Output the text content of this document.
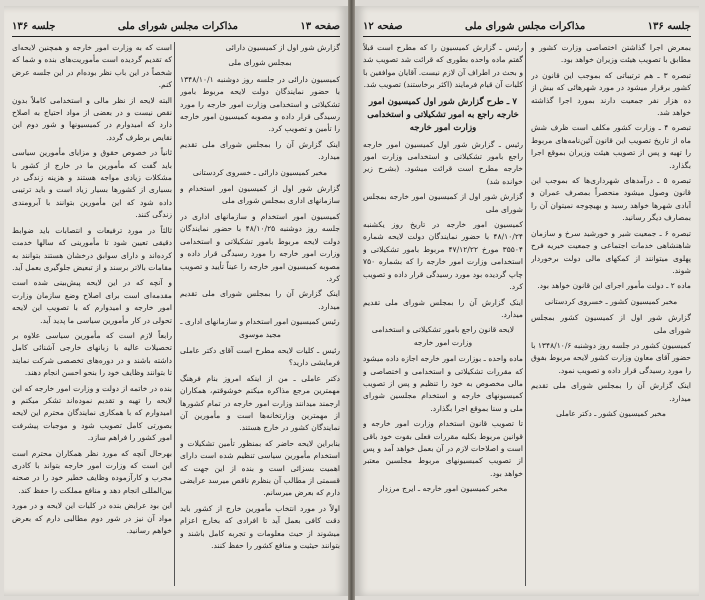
صفحه ۱۳
مذاکرات مجلس شورای ملی
جلسه ۱۳۶

گزارش شور اول از کمیسیون دارائی

بمجلس شورای ملی

کمیسیون دارائی در جلسه روز دوشنبه ۱۳۴۸/۱۰/۱ با حضور نمایندگان دولت لایحه مربوط بامور تشکیلاتی و استخدامی وزارت امور خارجه را مورد رسیدگی قرار داده و مصوبه کمیسیون امور خارجه را تأمین و تصویب کرد.

اینک گزارش آن را بمجلس شورای ملی تقدیم میدارد.

مخبر کمیسیون دارائی ـ خسروی کردستانی

گزارش شور اول از کمیسیون امور استخدام و سازمانهای اداری بمجلس شورای ملی

کمیسیون امور استخدام و سازمانهای اداری در جلسه روز دوشنبه ۴۸/۱۰/۲۵ با حضور نمایندگان دولت لایحه مربوط بامور تشکیلاتی و استخدامی وزارت امور خارجه را مورد رسیدگی قرار داده و مصوبه کمیسیون امور خارجه را عیناً تأیید و تصویب کرد.

اینک گزارش آن را بمجلس شورای ملی تقدیم میدارد.

رئیس کمیسیون امور استخدام و سازمانهای اداری ـ مجید موسوی

رئیس ـ کلیات لایحه مطرح است آقای دکتر عاملی فرمایشی دارید؟

دکتر عاملی ـ من از اینکه امروز بنام فرهنگ مهمترین مرجع مذاکره میکنم خوشوقتم، همکاران ارجمند میدانند وزارت امور خارجه در تمام کشورها از مهمترین وزارتخانه‌ها است و مأمورین آن نمایندگان کشور در خارج هستند.

بنابراین لایحه حاضر که بمنظور تأمین تشکیلات و استخدام مأمورین سیاسی تنظیم شده است دارای اهمیت بسزائی است و بنده از این جهت که قسمتی از مطالب آن بنظرم ناقص میرسد عرایضی دارم که بعرض میرسانم.

اولاً در مورد انتخاب مأمورین خارج از کشور باید دقت کافی بعمل آید تا افرادی که بخارج اعزام میشوند از حیث معلومات و تجربه کامل باشند و بتوانند حیثیت و منافع کشور را حفظ کنند.

است که به وزارت امور خارجه و همچنین لایحه‌ای که تقدیم گردیده است مأموریت‌های بنده و شما که شخصاً در این باب نظر بوده‌ام در این جلسه عرض کنم.

البته لایحه از نظر مالی و استخدامی کاملاً بدون نقص نیست و در بعضی از مواد احتیاج به اصلاح دارد که امیدوارم در کمیسیونها و شور دوم این نقایص برطرف گردد.

ثانیاً در خصوص حقوق و مزایای مأمورین سیاسی باید گفت که مأمورین ما در خارج از کشور با مشکلات زیادی مواجه هستند و هزینه زندگی در بسیاری از کشورها بسیار زیاد است و باید ترتیبی داده شود که این مأمورین بتوانند با آبرومندی زندگی کنند.

ثالثاً در مورد ترفیعات و انتصابات باید ضوابط دقیقی تعیین شود تا مأمورینی که سالها خدمت کرده‌اند و دارای سوابق درخشان هستند بتوانند به مقامات بالاتر برسند و از تبعیض جلوگیری بعمل آید.

و آنچه که در این لایحه پیش‌بینی شده است مقدمه‌ای است برای اصلاح وضع سازمان وزارت امور خارجه و امیدوارم که با تصویب این لایحه تحولی در کار مأمورین سیاسی ما پدید آید.

رابعاً لازم است که مأمورین سیاسی علاوه بر تحصیلات عالیه با زبانهای خارجی آشنائی کامل داشته باشند و در دوره‌های تخصصی شرکت نمایند تا بتوانند وظایف خود را بنحو احسن انجام دهند.

بنده در خاتمه از دولت و وزارت امور خارجه که این لایحه را تهیه و تقدیم نموده‌اند تشکر میکنم و امیدوارم که با همکاری نمایندگان محترم این لایحه بصورتی کامل تصویب شود و موجبات پیشرفت امور کشور را فراهم سازد.

بهرحال آنچه که مورد نظر همکاران محترم است این است که وزارت امور خارجه بتواند با کادری مجرب و کارآزموده وظایف خطیر خود را در صحنه بین‌المللی انجام دهد و منافع مملکت را حفظ کند.

این بود عرایض بنده در کلیات این لایحه و در مورد مواد آن نیز در شور دوم مطالبی دارم که بعرض خواهم رسانید.

جلسه ۱۳۶
مذاکرات مجلس شورای ملی
صفحه ۱۲

بمعرض اجرا گذاشتن اختصاصی وزارت کشور و مطابق با تصویب هیئت وزیران خواهد بود.

تبصره ۳ ـ هم ترتیباتی که بموجب این قانون در کشور برقرار میشود در مورد شهرهائی که بیش از ده هزار نفر جمعیت دارند بمورد اجرا گذاشته خواهد شد.

تبصره ۴ ـ وزارت کشور مکلف است ظرف شش ماه از تاریخ تصویب این قانون آئین‌نامه‌های مربوط را تهیه و پس از تصویب هیئت وزیران بموقع اجرا بگذارد.

تبصره ۵ ـ درآمدهای شهرداری‌ها که بموجب این قانون وصول میشود منحصراً بمصرف عمران و آبادی شهرها خواهد رسید و بهیچوجه نمیتوان آن را بمصارف دیگر رسانید.

تبصره ۶ ـ جمعیت شیر و خورشید سرخ و سازمان شاهنشاهی خدمات اجتماعی و جمعیت خیریه فرح پهلوی میتوانند از کمکهای مالی دولت برخوردار شوند.

ماده ۲ ـ دولت مأمور اجرای این قانون خواهد بود.

مخبر کمیسیون کشور ـ خسروی کردستانی

گزارش شور اول از کمیسیون کشور بمجلس شورای ملی

کمیسیون کشور در جلسه روز دوشنبه ۱۳۴۸/۱۰/۶ با حضور آقای معاون وزارت کشور لایحه مربوط بفوق را مورد رسیدگی قرار داده و تصویب نمود.

اینک گزارش آن را بمجلس شورای ملی تقدیم میدارد.

مخبر کمیسیون کشور ـ دکتر عاملی

رئیس ـ گزارش کمیسیون را که مطرح است قبلاً گفتم ماده واحده بطوری که قرائت شد تصویب شد و بحث در اطراف آن لازم نیست. آقایان موافقین با کلیات آن قیام فرمایند (اکثر برخاستند) تصویب شد.

۷ ـ طرح گزارش شور اول کمیسیون امور خارجه راجع به امور تشکیلاتی و استخدامی وزارت امور خارجه

رئیس ـ گزارش شور اول کمیسیون امور خارجه راجع بامور تشکیلاتی و استخدامی وزارت امور خارجه مطرح است قرائت میشود. (بشرح زیر خوانده شد)

گزارش شور اول از کمیسیون امور خارجه بمجلس شورای ملی

کمیسیون امور خارجه در تاریخ روز یکشنبه ۴۸/۱۰/۲۴ با حضور نمایندگان دولت لایحه شماره ۳۵۵۰۴ مورخ ۴۷/۱۲/۲۲ مربوط بامور تشکیلاتی و استخدامی وزارت امور خارجه را که بشماره ۷۵۰ چاپ گردیده بود مورد رسیدگی قرار داده و تصویب کرد.

اینک گزارش آن را بمجلس شورای ملی تقدیم میدارد.

لایحه قانون راجع بامور تشکیلاتی و استخدامی وزارت امور خارجه

ماده واحده ـ بوزارت امور خارجه اجازه داده میشود که مقررات تشکیلاتی و استخدامی و اختصاصی و مالی مخصوص به خود را تنظیم و پس از تصویب کمیسیونهای خارجه و استخدام مجلسین شورای ملی و سنا بموقع اجرا بگذارد.

تا تصویب قانون استخدام وزارت امور خارجه و قوانین مربوط بکلیه مقررات فعلی بقوت خود باقی است و اصلاحات لازم در آن بعمل خواهد آمد و پس از تصویب کمیسیونهای مربوط مجلسین معتبر خواهد بود.

مخبر کمیسیون امور خارجه ـ ایرج مرزدار
